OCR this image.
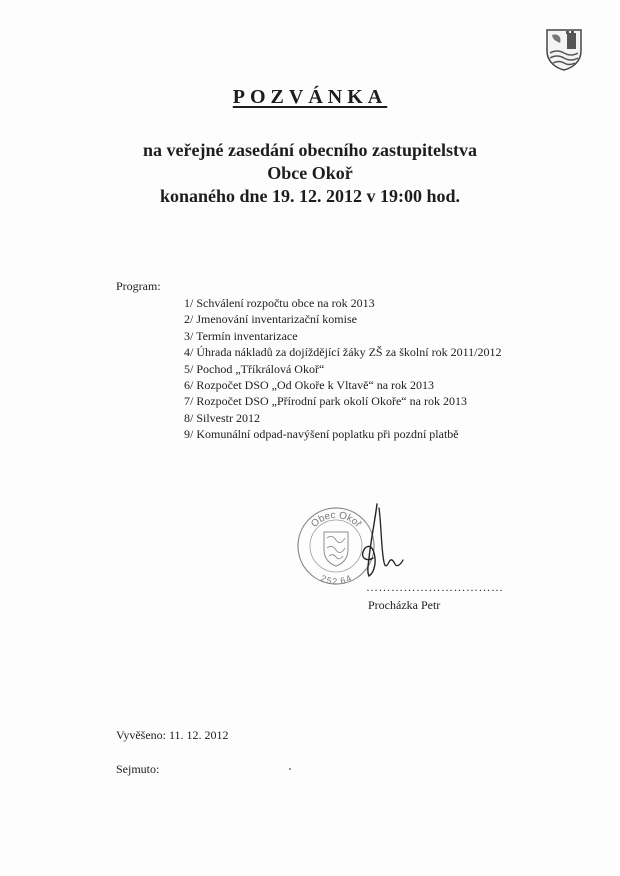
POZVÁNKA
na veřejné zasedání obecního zastupitelstva
Obce Okoř
konaného dne 19. 12. 2012 v 19:00 hod.
Program:
1/ Schválení rozpočtu obce na rok 2013
2/ Jmenování inventarizační komise
3/ Termín inventarizace
4/ Úhrada nákladů za dojíždějící žáky ZŠ za školní rok 2011/2012
5/ Pochod „Tříkrálová Okoř“
6/ Rozpočet DSO „Od Okoře k Vltavě“ na rok 2013
7/ Rozpočet DSO „Přírodní park okolí Okoře“ na rok 2013
8/ Silvestr 2012
9/ Komunální odpad-navýšení poplatku při pozdní platbě
Obec Okoř
252 64
……………………………
Procházka Petr
Vyvěšeno: 11. 12. 2012
Sejmuto:
